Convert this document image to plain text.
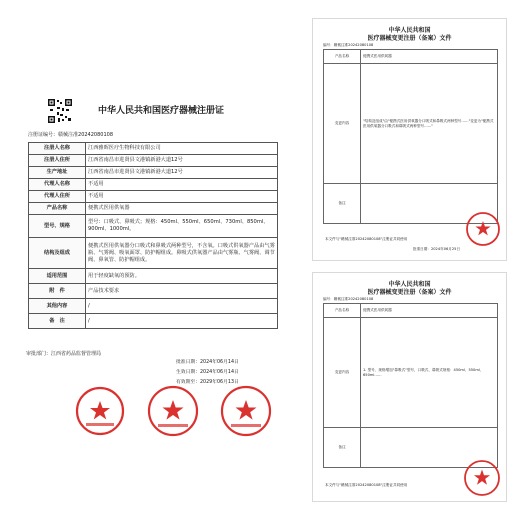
中华人民共和国医疗器械注册证
注册证编号：赣械注准20242080108
注册人名称	江西雅晖医疗生物科技有限公司
注册人住所	江西省南昌市进贤县文港镇新港大道12号
生产地址	江西省南昌市进贤县文港镇新港大道12号
代理人名称	不适用
代理人住所	不适用
产品名称	便携式医用供氧器
型号、规格	型号：口吸式、鼻吸式；规格：450ml、550ml、650ml、730ml、850ml、900ml、1000ml。
结构及组成	便携式医用供氧器分口吸式和鼻吸式两种型号，不含氧。口吸式供氧器产品由气雾瓶、气雾阀、吸氧面罩、防护帽组成。鼻吸式供氧器产品由气雾瓶、气雾阀、调节阀、鼻氧管、防护帽组成。
适用范围	用于轻度缺氧的预防。
附　件	产品技术要求
其他内容	/
备　注	/
审批部门：江西省药品监督管理局
批准日期：2024年06月14日
生效日期：2024年06月14日
有效期至：2029年06月13日
中华人民共和国
医疗器械变更注册（备案）文件
编号：赣械注准20242080108
产品名称	便携式医用供氧器
变更内容	"结构及组成"由"便携式医用供氧器分口吸式和鼻吸式两种型号……"变更为"便携式医用供氧器分口吸式和鼻吸式两种型号……"
备注	
本文件与"赣械注准20242080108"注册证共同使用
批准日期：2024年06月25日
中华人民共和国
医疗器械变更注册（备案）文件
编号：赣械注准20242080108
产品名称	便携式医用供氧器
变更内容	1. 型号、规格增加"鼻吸式"型号，口吸式、鼻吸式规格：450ml、550ml、650ml……
备注	
本文件与"赣械注准20242080108"注册证共同使用
